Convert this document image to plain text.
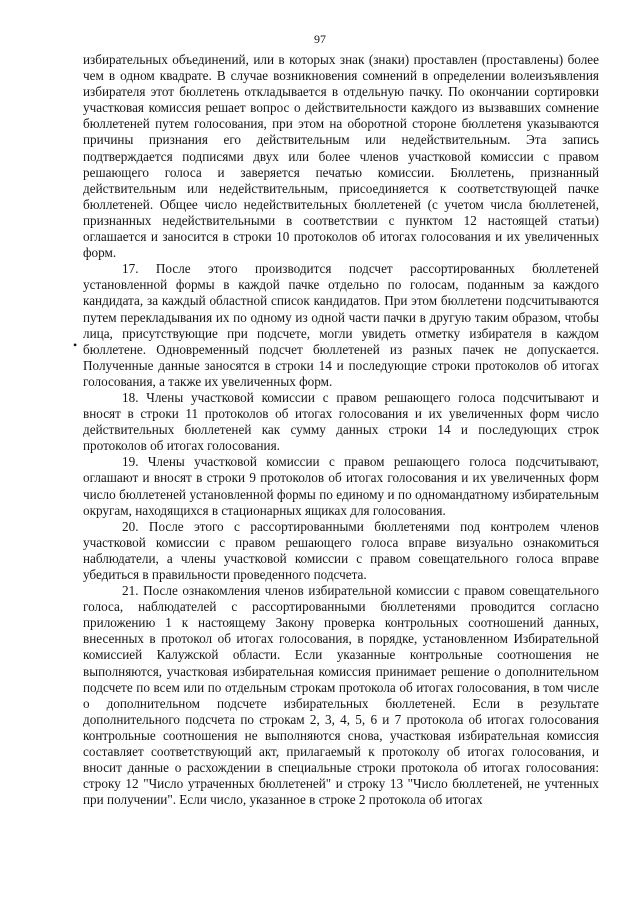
97
•

избирательных объединений, или в которых знак (знаки) проставлен (проставлены) более чем в одном квадрате. В случае возникновения сомнений в определении волеизъявления избирателя этот бюллетень откладывается в отдельную пачку. По окончании сортировки участковая комиссия решает вопрос о действительности каждого из вызвавших сомнение бюллетеней путем голосования, при этом на оборотной стороне бюллетеня указываются причины признания его действительным или недействительным. Эта запись подтверждается подписями двух или более членов участковой комиссии с правом решающего голоса и заверяется печатью комиссии. Бюллетень, признанный действительным или недействительным, присоединяется к соответствующей пачке бюллетеней. Общее число недействительных бюллетеней (с учетом числа бюллетеней, признанных недействительными в соответствии с пунктом 12 настоящей статьи) оглашается и заносится в строки 10 протоколов об итогах голосования и их увеличенных форм.

17. После этого производится подсчет рассортированных бюллетеней установленной формы в каждой пачке отдельно по голосам, поданным за каждого кандидата, за каждый областной список кандидатов. При этом бюллетени подсчитываются путем перекладывания их по одному из одной части пачки в другую таким образом, чтобы лица, присутствующие при подсчете, могли увидеть отметку избирателя в каждом бюллетене. Одновременный подсчет бюллетеней из разных пачек не допускается. Полученные данные заносятся в строки 14 и последующие строки протоколов об итогах голосования, а также их увеличенных форм.

18. Члены участковой комиссии с правом решающего голоса подсчитывают и вносят в строки 11 протоколов об итогах голосования и их увеличенных форм число действительных бюллетеней как сумму данных строки 14 и последующих строк протоколов об итогах голосования.

19. Члены участковой комиссии с правом решающего голоса подсчитывают, оглашают и вносят в строки 9 протоколов об итогах голосования и их увеличенных форм число бюллетеней установленной формы по единому и по одномандатному избирательным округам, находящихся в стационарных ящиках для голосования.

20. После этого с рассортированными бюллетенями под контролем членов участковой комиссии с правом решающего голоса вправе визуально ознакомиться наблюдатели, а члены участковой комиссии с правом совещательного голоса вправе убедиться в правильности проведенного подсчета.

21. После ознакомления членов избирательной комиссии с правом совещательного голоса, наблюдателей с рассортированными бюллетенями проводится согласно приложению 1 к настоящему Закону проверка контрольных соотношений данных, внесенных в протокол об итогах голосования, в порядке, установленном Избирательной комиссией Калужской области. Если указанные контрольные соотношения не выполняются, участковая избирательная комиссия принимает решение о дополнительном подсчете по всем или по отдельным строкам протокола об итогах голосования, в том числе о дополнительном подсчете избирательных бюллетеней. Если в результате дополнительного подсчета по строкам 2, 3, 4, 5, 6 и 7 протокола об итогах голосования контрольные соотношения не выполняются снова, участковая избирательная комиссия составляет соответствующий акт, прилагаемый к протоколу об итогах голосования, и вносит данные о расхождении в специальные строки протокола об итогах голосования: строку 12 "Число утраченных бюллетеней" и строку 13 "Число бюллетеней, не учтенных при получении". Если число, указанное в строке 2 протокола об итогах
